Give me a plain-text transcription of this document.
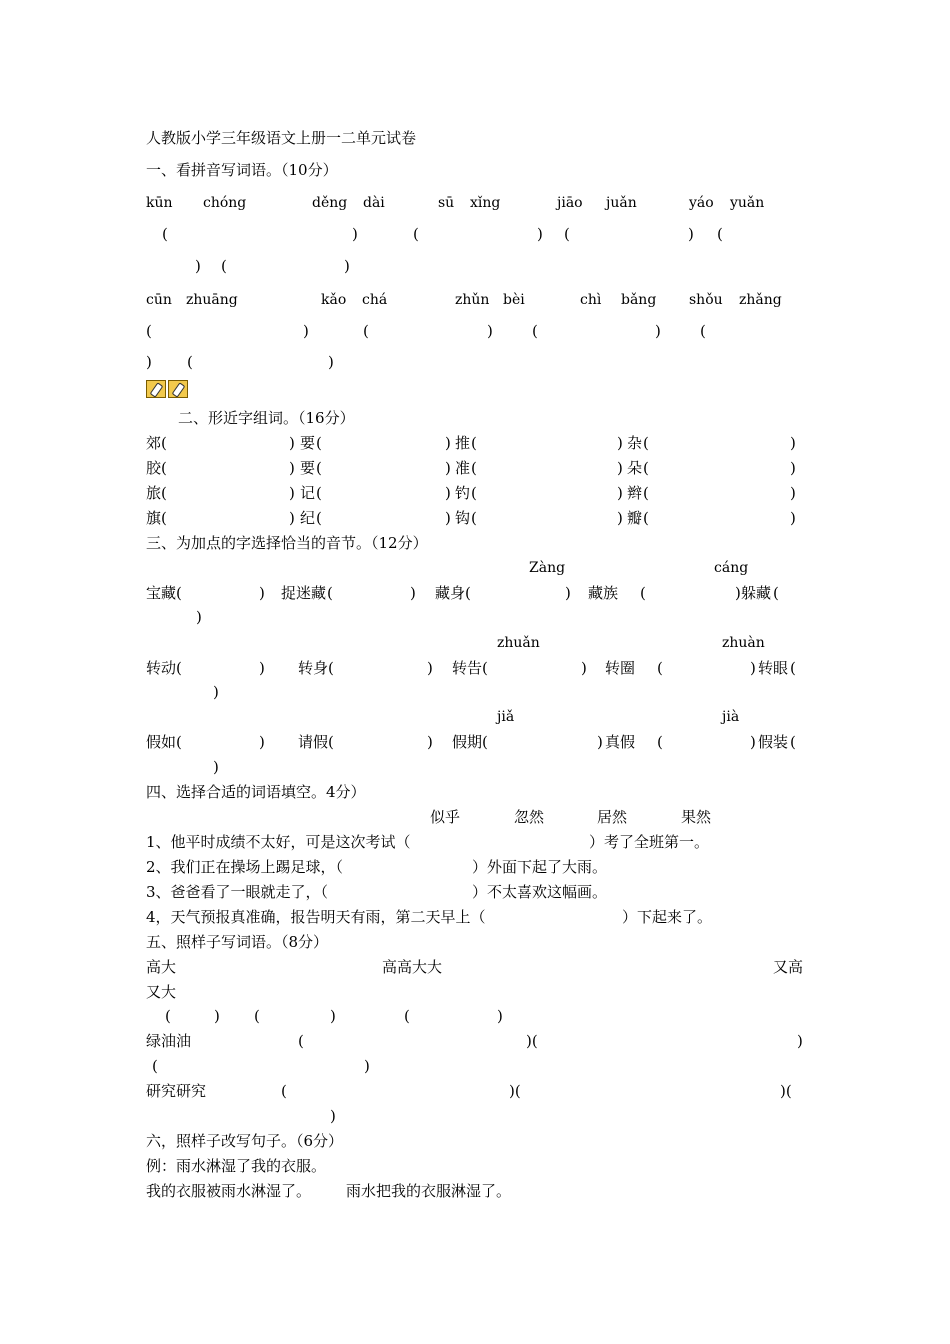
人教版小学三年级语文上册一二单元试卷
一、看拼音写词语。（10分）
kūn chóng	děng dài	sū xǐng	jiāo juǎn	yáo yuǎn
(	)	(	) (	) (
) (	)
cūn zhuāng	kǎo chá	zhǔn bèi	chì bǎng shǒu zhǎng
(	)	(	)	(	)	(
) (	)
二、形近字组词。（16分）
郊 (	) 要 (	) 推 (	) 杂 (	)
胶 (	) 要 (	) 准 (	) 朵 (	)
旅 (	) 记 (	) 钓 (	) 辫 (	)
旗 (	) 纪 (	) 钩 (	) 瓣 (	)
三、为加点的字选择恰当的音节。（12分）
Zàng	cáng
宝藏 (	) 捉迷藏 (	) 藏身 (	) 藏族 (	) 躲藏 (
)
zhuǎn	zhuàn
转动 (	) 转身 (	) 转告 (	) 转圈 (	) 转眼 (
)
jiǎ	jià
假如 (	) 请假 (	) 假期 (	) 真假 (	) 假装 (
)
四、选择合适的词语填空。4分）
似乎	忽然	居然	果然
1、他平时成绩不太好，可是这次考试（	）考了全班第一。
2、我们正在操场上踢足球，（	）外面下起了大雨。
3、爸爸看了一眼就走了，（	）不太喜欢这幅画。
4，天气预报真准确，报告明天有雨，第二天早上（	）下起来了。
五、照样子写词语。（8分）
高大	高高大大	又高
又大
(	) (	)	(	)
绿油油	(	)(	)
(	)
研究研究	(	)(	)(
)
六，照样子改写句子。（6分）
例：雨水淋湿了我的衣服。
我的衣服被雨水淋湿了。 雨水把我的衣服淋湿了。
